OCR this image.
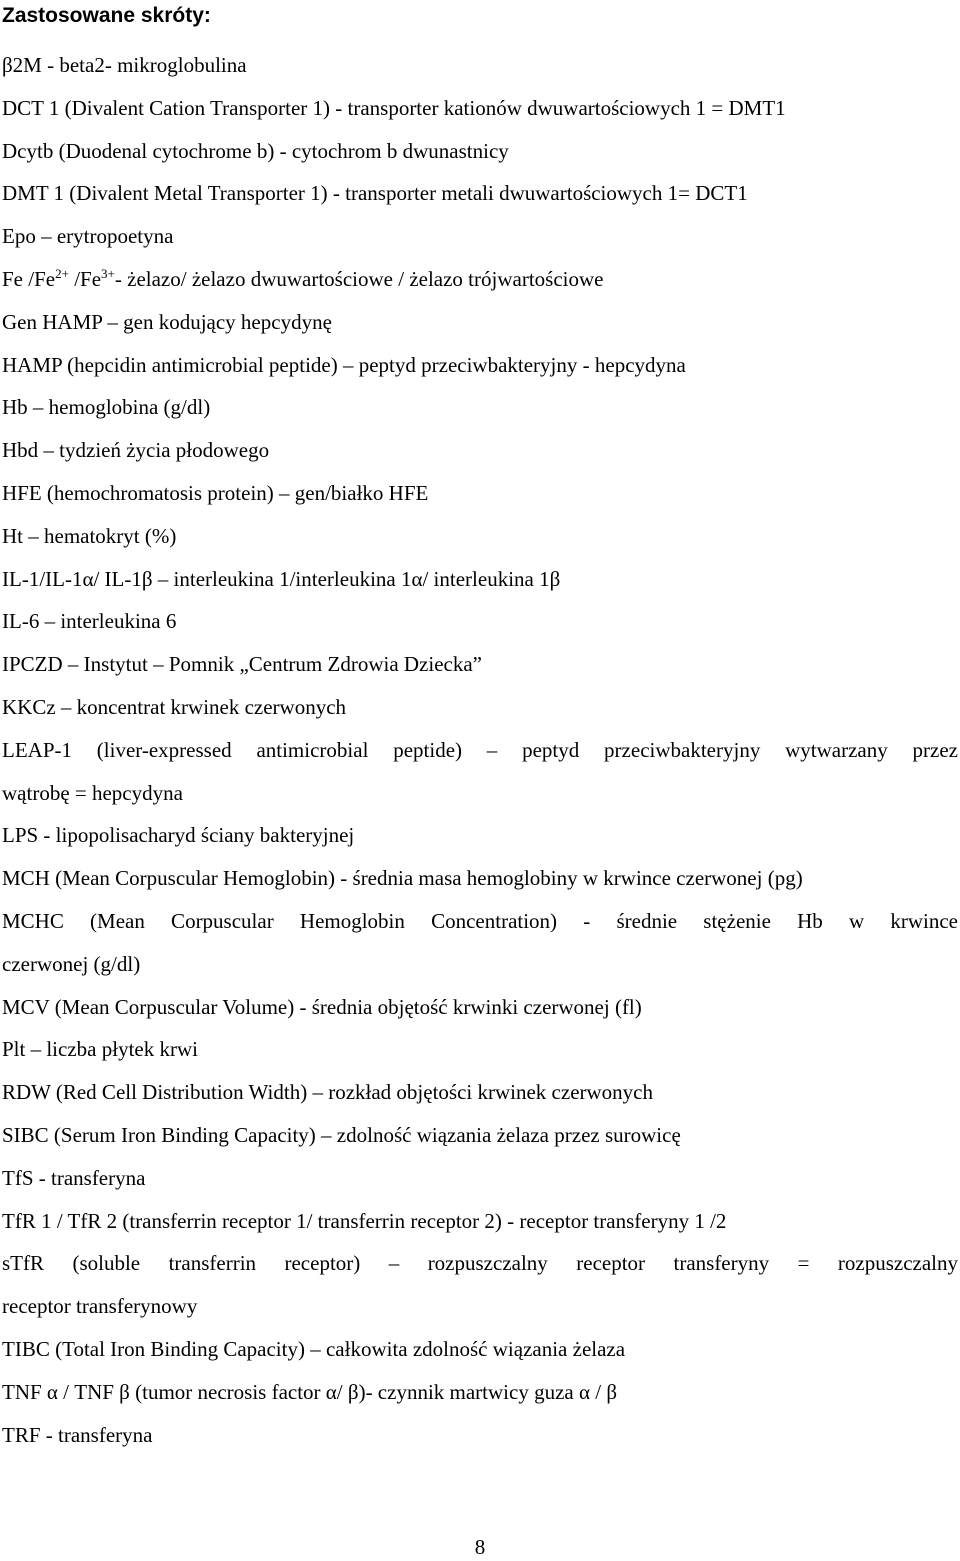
Zastosowane skróty:
β2M - beta2- mikroglobulina
DCT 1 (Divalent Cation Transporter 1) - transporter kationów dwuwartościowych 1 = DMT1
Dcytb (Duodenal cytochrome b) - cytochrom b dwunastnicy
DMT 1 (Divalent Metal Transporter 1) - transporter metali dwuwartościowych 1= DCT1
Epo – erytropoetyna
Fe $/Fe^{2+}$ $/Fe^{3+}-$ żelazo/ żelazo dwuwartościowe / żelazo trójwartościowe
Gen HAMP – gen kodujący hepcydynę
HAMP (hepcidin antimicrobial peptide) – peptyd przeciwbakteryjny - hepcydyna
Hb – hemoglobina (g/dl)
Hbd – tydzień życia płodowego
HFE (hemochromatosis protein) – gen/białko HFE
Ht – hematokryt (%)
IL-1/IL-1α/ IL-1β – interleukina 1/interleukina 1α/ interleukina 1β
IL-6 – interleukina 6
IPCZD – Instytut – Pomnik „Centrum Zdrowia Dziecka”
KKCz – koncentrat krwinek czerwonych
LEAP-1 (liver-expressed antimicrobial peptide) – peptyd przeciwbakteryjny wytwarzany przez
wątrobę = hepcydyna
LPS - lipopolisacharyd ściany bakteryjnej
MCH (Mean Corpuscular Hemoglobin) - średnia masa hemoglobiny w krwince czerwonej (pg)
MCHC (Mean Corpuscular Hemoglobin Concentration) - średnie stężenie Hb w krwince
czerwonej (g/dl)
MCV (Mean Corpuscular Volume) - średnia objętość krwinki czerwonej (fl)
Plt – liczba płytek krwi
RDW (Red Cell Distribution Width) – rozkład objętości krwinek czerwonych
SIBC (Serum Iron Binding Capacity) – zdolność wiązania żelaza przez surowicę
TfS - transferyna
TfR 1 / TfR 2 (transferrin receptor 1/ transferrin receptor 2) - receptor transferyny 1 /2
sTfR (soluble transferrin receptor) – rozpuszczalny receptor transferyny = rozpuszczalny
receptor transferynowy
TIBC (Total Iron Binding Capacity) – całkowita zdolność wiązania żelaza
TNF α / TNF β (tumor necrosis factor α/ β)- czynnik martwicy guza α / β
TRF - transferyna
8
